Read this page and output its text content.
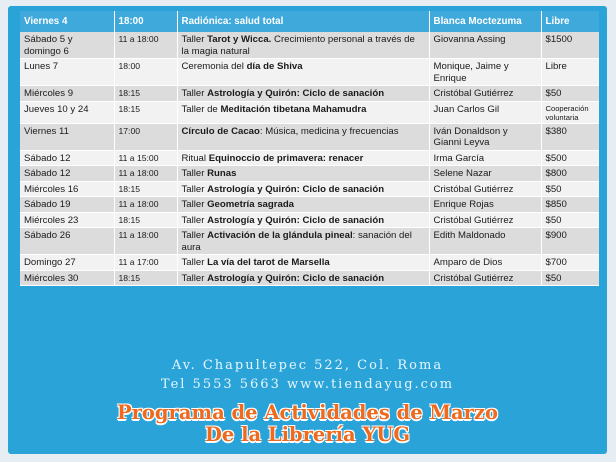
Viernes 4	18:00	Radiónica: salud total	Blanca Moctezuma	Libre
Sábado 5 y domingo 6	11 a 18:00	Taller Tarot y Wicca. Crecimiento personal a través de la magia natural	Giovanna Assing	$1500
Lunes 7	18:00	Ceremonia del día de Shiva	Monique, Jaime y Enrique	Libre
Miércoles 9	18:15	Taller Astrología y Quirón: Ciclo de sanación	Cristóbal Gutiérrez	$50
Jueves 10 y 24	18:15	Taller de Meditación tibetana Mahamudra	Juan Carlos Gil	Cooperación voluntaria
Viernes 11	17:00	Círculo de Cacao: Música, medicina y frecuencias	Iván Donaldson y Gianni Leyva	$380
Sábado 12	11 a 15:00	Ritual Equinoccio de primavera: renacer	Irma García	$500
Sábado 12	11 a 18:00	Taller Runas	Selene Nazar	$800
Miércoles 16	18:15	Taller Astrología y Quirón: Ciclo de sanación	Cristóbal Gutiérrez	$50
Sábado 19	11 a 18:00	Taller Geometría sagrada	Enrique Rojas	$850
Miércoles 23	18:15	Taller Astrología y Quirón: Ciclo de sanación	Cristóbal Gutiérrez	$50
Sábado 26	11 a 18:00	Taller Activación de la glándula pineal: sanación del aura	Edith Maldonado	$900
Domingo 27	11 a 17:00	Taller La vía del tarot de Marsella	Amparo de Dios	$700
Miércoles 30	18:15	Taller Astrología y Quirón: Ciclo de sanación	Cristóbal Gutiérrez	$50
Av. Chapultepec 522, Col. Roma
Tel 5553 5663 www.tiendayug.com
Programa de Actividades de Marzo
De la Librería YUG
